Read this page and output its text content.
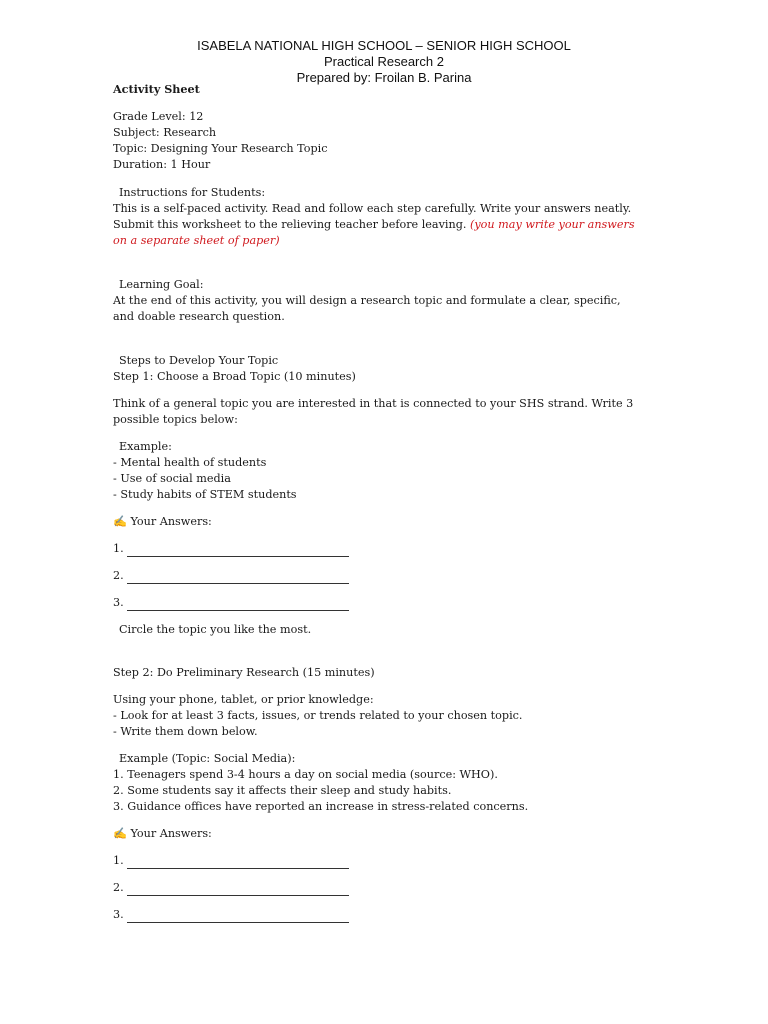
ISABELA NATIONAL HIGH SCHOOL – SENIOR HIGH SCHOOL
Practical Research 2
Prepared by: Froilan B. Parina

Activity Sheet

Grade Level: 12

Subject: Research

Topic: Designing Your Research Topic

Duration: 1 Hour

Instructions for Students:

This is a self-paced activity. Read and follow each step carefully. Write your answers neatly.

Submit this worksheet to the relieving teacher before leaving. (you may write your answers

on a separate sheet of paper)

Learning Goal:

At the end of this activity, you will design a research topic and formulate a clear, specific,

and doable research question.

Steps to Develop Your Topic

Step 1: Choose a Broad Topic (10 minutes)

Think of a general topic you are interested in that is connected to your SHS strand. Write 3

possible topics below:

Example:

- Mental health of students

- Use of social media

- Study habits of STEM students

✍ Your Answers:

1.
2.
3.

Circle the topic you like the most.

Step 2: Do Preliminary Research (15 minutes)

Using your phone, tablet, or prior knowledge:

- Look for at least 3 facts, issues, or trends related to your chosen topic.

- Write them down below.

Example (Topic: Social Media):

1. Teenagers spend 3-4 hours a day on social media (source: WHO).

2. Some students say it affects their sleep and study habits.

3. Guidance offices have reported an increase in stress-related concerns.

✍ Your Answers:

1.
2.
3.
